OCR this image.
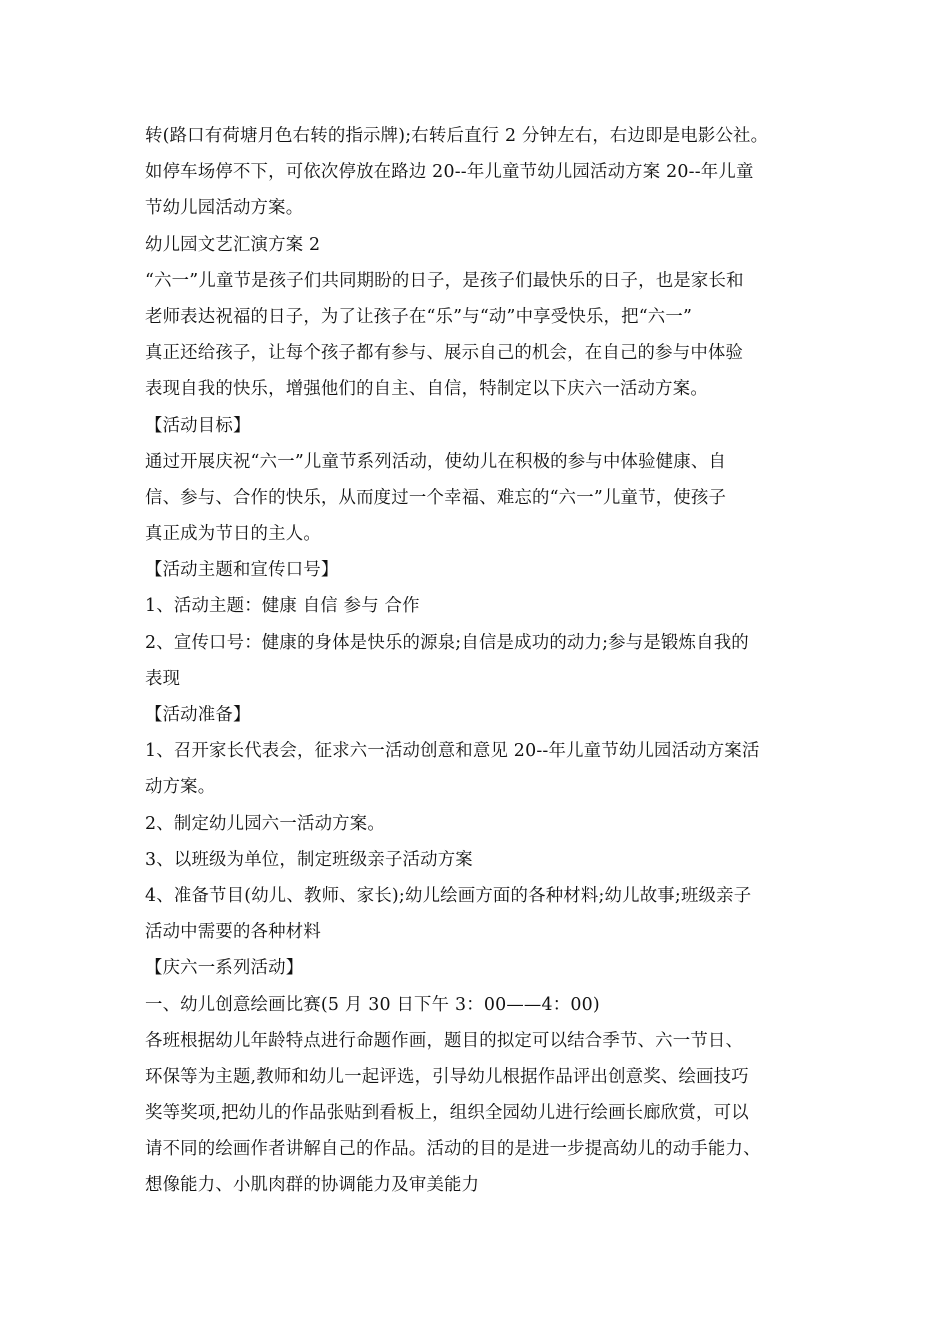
转(路口有荷塘月色右转的指示牌);右转后直行 2 分钟左右，右边即是电影公社。
如停车场停不下，可依次停放在路边 20--年儿童节幼儿园活动方案 20--年儿童
节幼儿园活动方案。
幼儿园文艺汇演方案 2
“六一”儿童节是孩子们共同期盼的日子，是孩子们最快乐的日子，也是家长和
老师表达祝福的日子，为了让孩子在“乐”与“动”中享受快乐，把“六一”
真正还给孩子，让每个孩子都有参与、展示自己的机会，在自己的参与中体验
表现自我的快乐，增强他们的自主、自信，特制定以下庆六一活动方案。
【活动目标】
通过开展庆祝“六一”儿童节系列活动，使幼儿在积极的参与中体验健康、自
信、参与、合作的快乐，从而度过一个幸福、难忘的“六一”儿童节，使孩子
真正成为节日的主人。
【活动主题和宣传口号】
1、活动主题：健康 自信 参与 合作
2、宣传口号：健康的身体是快乐的源泉;自信是成功的动力;参与是锻炼自我的
表现
【活动准备】
1、召开家长代表会，征求六一活动创意和意见 20--年儿童节幼儿园活动方案活
动方案。
2、制定幼儿园六一活动方案。
3、以班级为单位，制定班级亲子活动方案
4、准备节目(幼儿、教师、家长);幼儿绘画方面的各种材料;幼儿故事;班级亲子
活动中需要的各种材料
【庆六一系列活动】
一、幼儿创意绘画比赛(5 月 30 日下午 3：00——4：00)
各班根据幼儿年龄特点进行命题作画，题目的拟定可以结合季节、六一节日、
环保等为主题,教师和幼儿一起评选，引导幼儿根据作品评出创意奖、绘画技巧
奖等奖项,把幼儿的作品张贴到看板上，组织全园幼儿进行绘画长廊欣赏，可以
请不同的绘画作者讲解自己的作品。活动的目的是进一步提高幼儿的动手能力、
想像能力、小肌肉群的协调能力及审美能力
